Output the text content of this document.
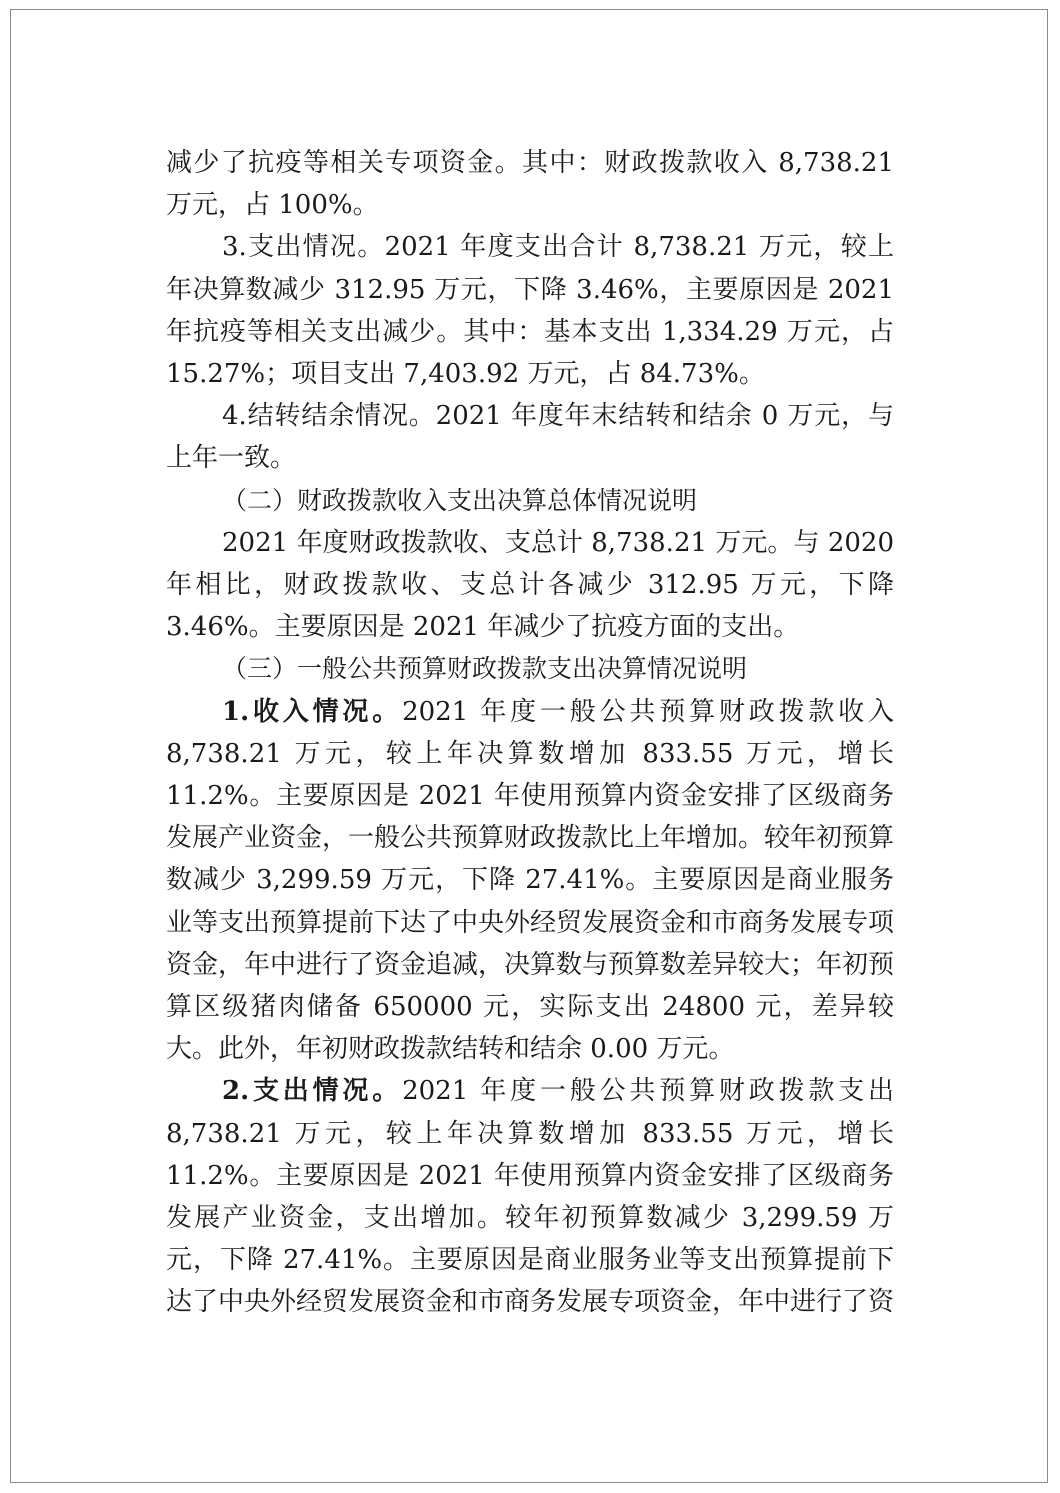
减少了抗疫等相关专项资金。其中：财政拨款收入 8,738.21 万元，占 100%。

3.支出情况。2021 年度支出合计 8,738.21 万元，较上年决算数减少 312.95 万元，下降 3.46%，主要原因是 2021 年抗疫等相关支出减少。其中：基本支出 1,334.29 万元，占 15.27%；项目支出 7,403.92 万元，占 84.73%。

4.结转结余情况。2021 年度年末结转和结余 0 万元，与上年一致。

（二）财政拨款收入支出决算总体情况说明

2021 年度财政拨款收、支总计 8,738.21 万元。与 2020 年相比，财政拨款收、支总计各减少 312.95 万元，下降 3.46%。主要原因是 2021 年减少了抗疫方面的支出。

（三）一般公共预算财政拨款支出决算情况说明

1.收入情况。2021 年度一般公共预算财政拨款收入 8,738.21 万元，较上年决算数增加 833.55 万元，增长 11.2%。主要原因是 2021 年使用预算内资金安排了区级商务发展产业资金，一般公共预算财政拨款比上年增加。较年初预算数减少 3,299.59 万元，下降 27.41%。主要原因是商业服务业等支出预算提前下达了中央外经贸发展资金和市商务发展专项资金，年中进行了资金追减，决算数与预算数差异较大；年初预算区级猪肉储备 650000 元，实际支出 24800 元，差异较大。此外，年初财政拨款结转和结余 0.00 万元。

2.支出情况。2021 年度一般公共预算财政拨款支出 8,738.21 万元，较上年决算数增加 833.55 万元，增长 11.2%。主要原因是 2021 年使用预算内资金安排了区级商务发展产业资金，支出增加。较年初预算数减少 3,299.59 万元，下降 27.41%。主要原因是商业服务业等支出预算提前下达了中央外经贸发展资金和市商务发展专项资金，年中进行了资
